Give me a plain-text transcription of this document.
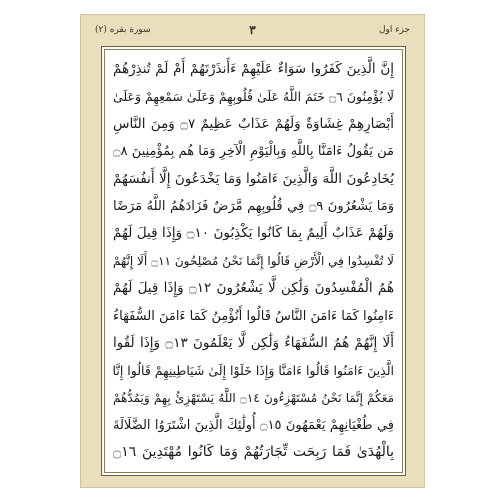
سورة بقره (٢)	٣	جزء اول
إِنَّ الَّذِينَ كَفَرُوا سَوَاءٌ عَلَيْهِمْ ءَأَنذَرْتَهُمْ أَمْ لَمْ تُنذِرْهُمْ
لَا يُؤْمِنُونَ ۝٦ خَتَمَ اللَّهُ عَلَىٰ قُلُوبِهِمْ وَعَلَىٰ سَمْعِهِمْ وَعَلَىٰ
أَبْصَارِهِمْ غِشَاوَةٌ وَلَهُمْ عَذَابٌ عَظِيمٌ ۝٧ وَمِنَ النَّاسِ
مَن يَقُولُ ءَامَنَّا بِاللَّهِ وَبِالْيَوْمِ الْآخِرِ وَمَا هُم بِمُؤْمِنِينَ ۝٨
يُخَادِعُونَ اللَّهَ وَالَّذِينَ ءَامَنُوا وَمَا يَخْدَعُونَ إِلَّا أَنفُسَهُمْ
وَمَا يَشْعُرُونَ ۝٩ فِي قُلُوبِهِم مَّرَضٌ فَزَادَهُمُ اللَّهُ مَرَضًا
وَلَهُمْ عَذَابٌ أَلِيمٌ بِمَا كَانُوا يَكْذِبُونَ ۝١٠ وَإِذَا قِيلَ لَهُمْ
لَا تُفْسِدُوا فِي الْأَرْضِ قَالُوا إِنَّمَا نَحْنُ مُصْلِحُونَ ۝١١ أَلَا إِنَّهُمْ
هُمُ الْمُفْسِدُونَ وَلَٰكِن لَّا يَشْعُرُونَ ۝١٢ وَإِذَا قِيلَ لَهُمْ
ءَامِنُوا كَمَا ءَامَنَ النَّاسُ قَالُوا أَنُؤْمِنُ كَمَا ءَامَنَ السُّفَهَاءُ
أَلَا إِنَّهُمْ هُمُ السُّفَهَاءُ وَلَٰكِن لَّا يَعْلَمُونَ ۝١٣ وَإِذَا لَقُوا
الَّذِينَ ءَامَنُوا قَالُوا ءَامَنَّا وَإِذَا خَلَوْا إِلَىٰ شَيَاطِينِهِمْ قَالُوا إِنَّا
مَعَكُمْ إِنَّمَا نَحْنُ مُسْتَهْزِءُونَ ۝١٤ اللَّهُ يَسْتَهْزِئُ بِهِمْ وَيَمُدُّهُمْ
فِي طُغْيَانِهِمْ يَعْمَهُونَ ۝١٥ أُولَٰئِكَ الَّذِينَ اشْتَرَوُا الضَّلَالَةَ
بِالْهُدَىٰ فَمَا رَبِحَت تِّجَارَتُهُمْ وَمَا كَانُوا مُهْتَدِينَ ۝١٦
